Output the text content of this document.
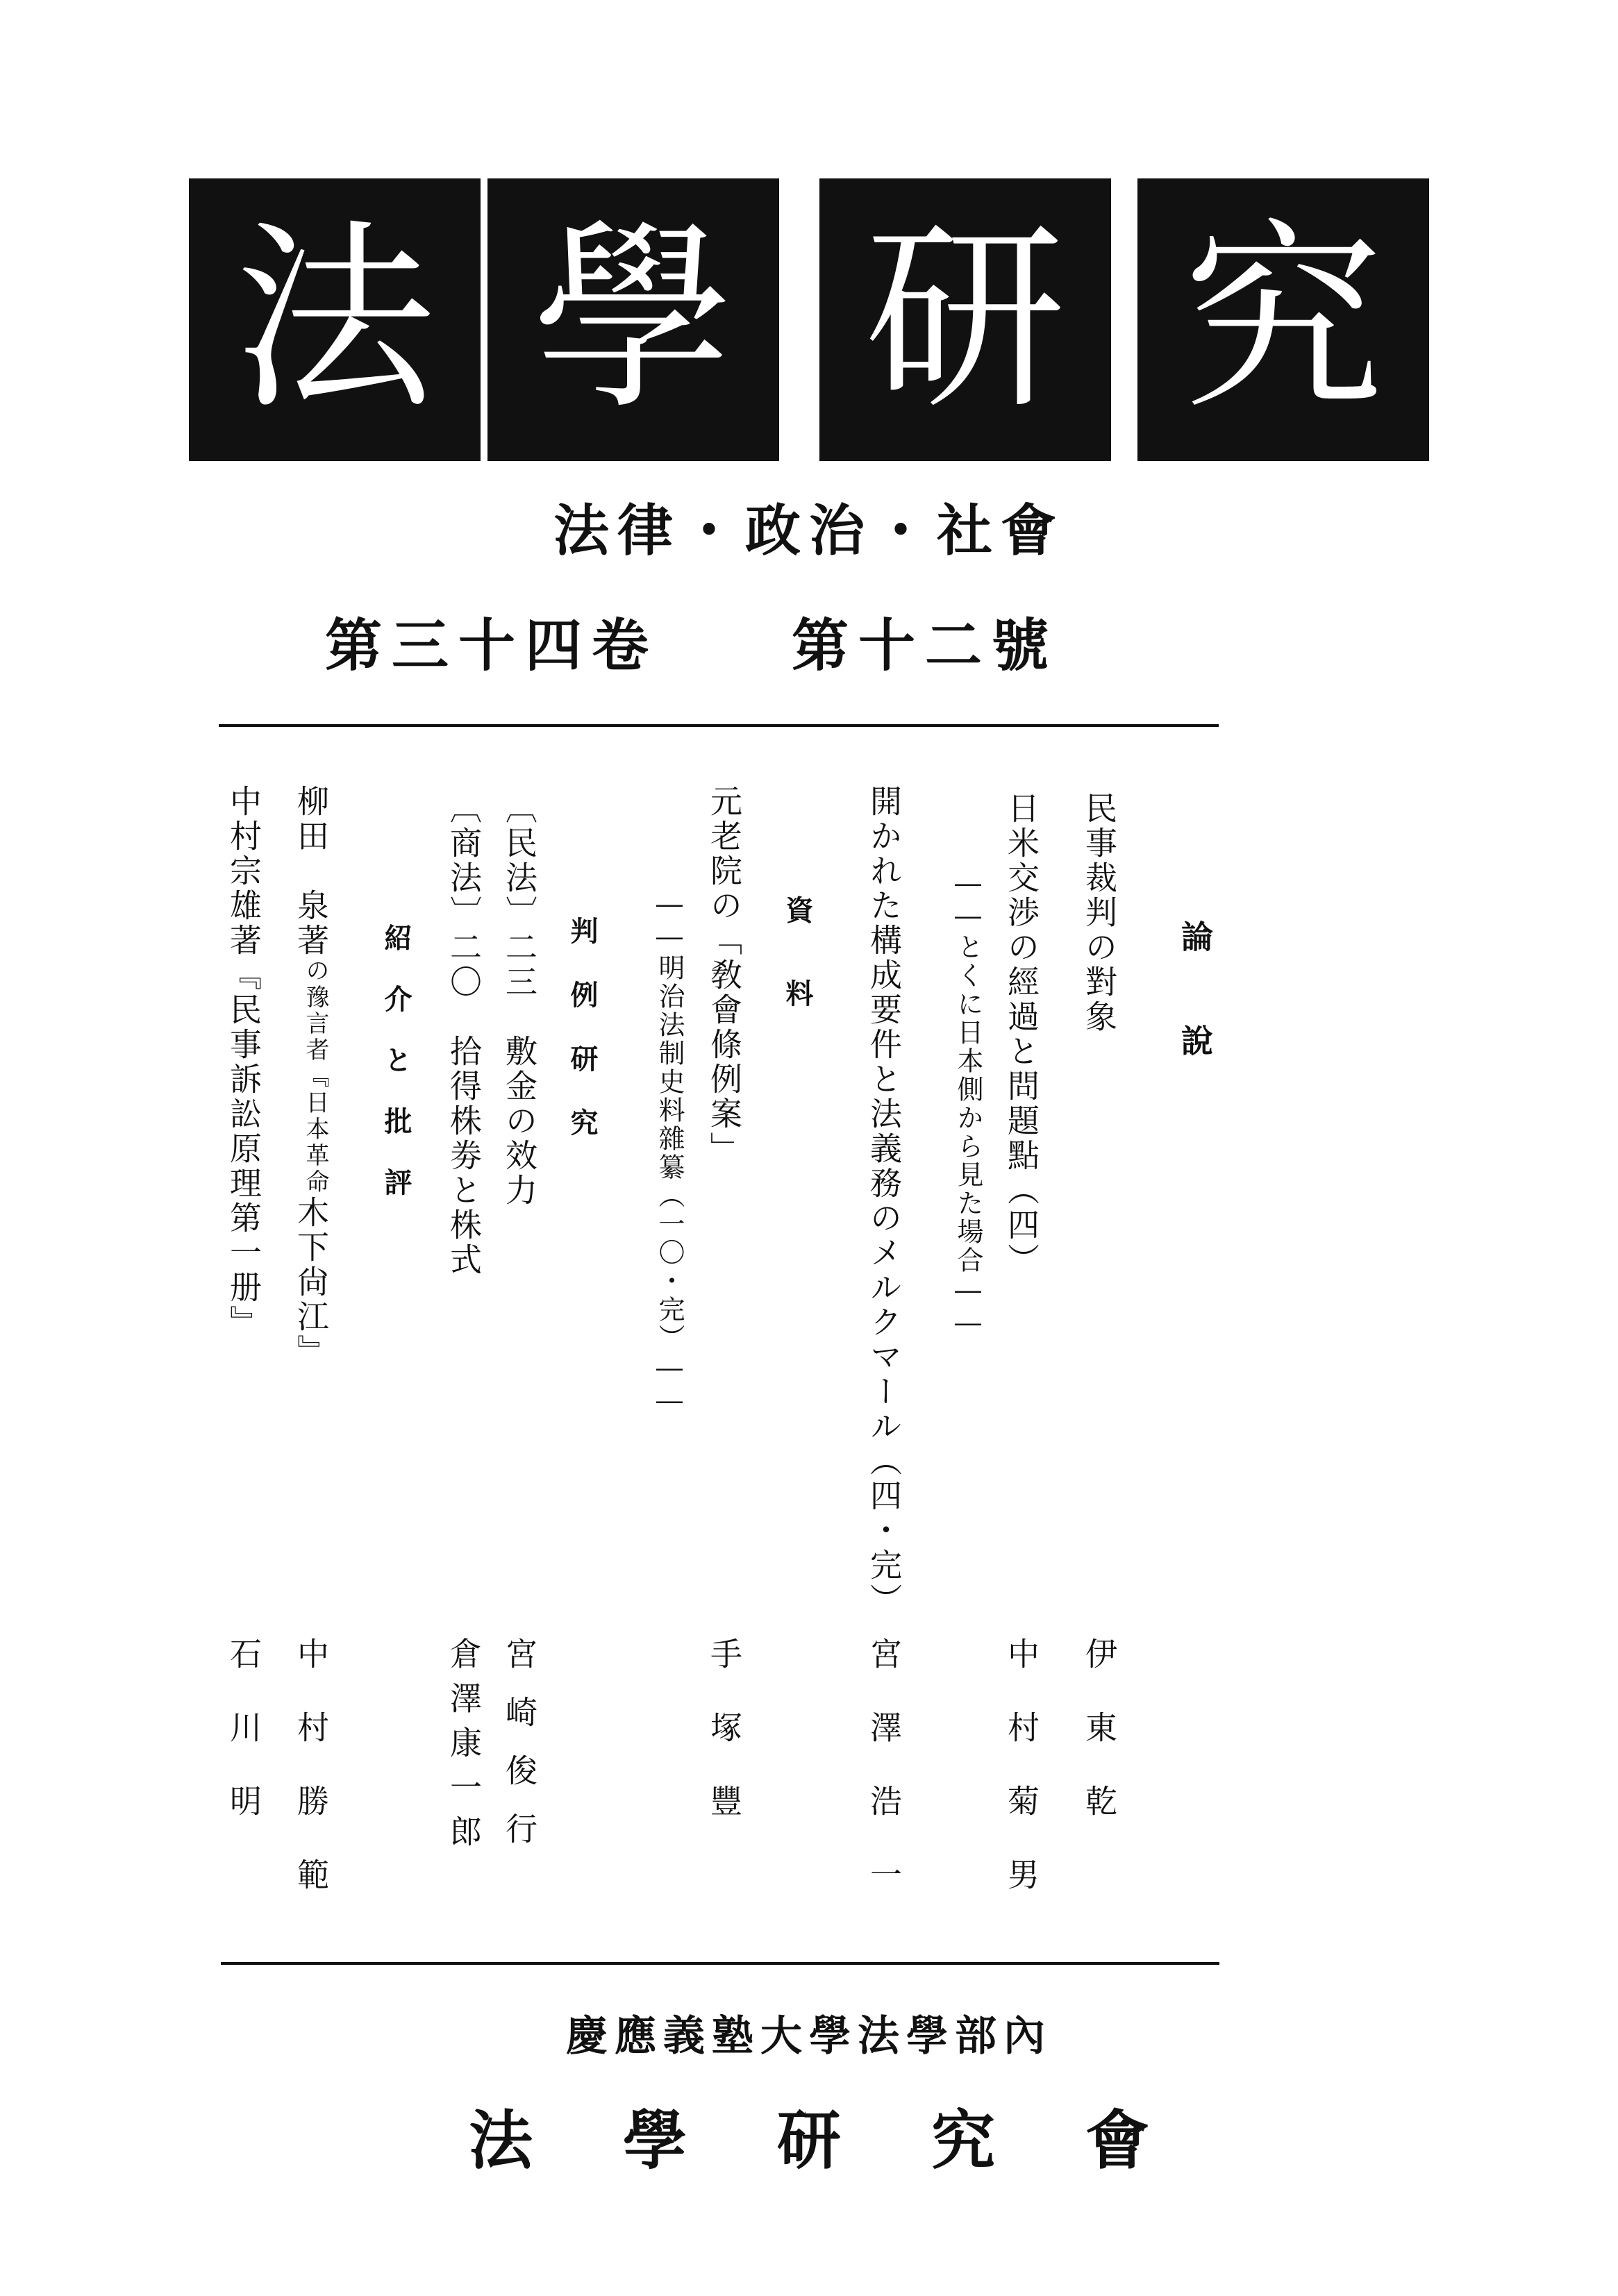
法 學 研 究
法律・政治・社會
第三十四卷 第十二號
論　　說
民事裁判の對象
伊東乾
日米交渉の經過と問題點（四）
――とくに日本側から見た場合――
中村菊男
開かれた構成要件と法義務のメルクマール（四・完）
宮澤浩一
資　料
元老院の「敎會條例案」
――明治法制史料雜纂（一〇・完）――
手塚豐
判　例　研　究
〔民法〕二三　敷金の效力
宮崎俊行
〔商法〕二〇　拾得株劵と株式
倉澤康一郎
紹　介　と　批　評
柳田　泉著
『日本革命
の豫言者
木下尙江』
中村勝範
中村宗雄著『民事訴訟原理第一册』
石川明
慶應義塾大學法學部內
法學研究會
